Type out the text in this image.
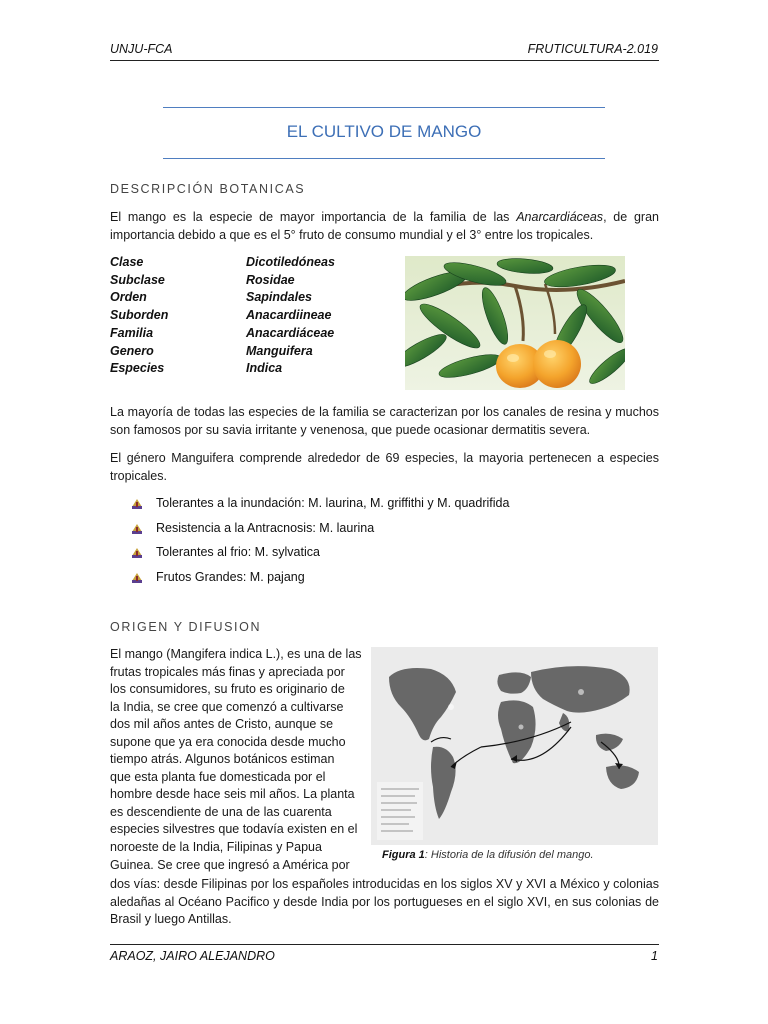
UNJU-FCA	FRUTICULTURA-2.019
EL CULTIVO DE MANGO
DESCRIPCIÓN BOTANICAS
El mango es la especie de mayor importancia de la familia de las Anarcardiáceas, de gran importancia debido a que es el 5° fruto de consumo mundial y el 3° entre los tropicales.
Clase
Subclase
Orden
Suborden
Familia
Genero
Especies
Dicotiledóneas
Rosidae
Sapindales
Anacardiineae
Anacardiáceae
Manguifera
Indica
La mayoría de todas las especies de la familia se caracterizan por los canales de resina y muchos son famosos por su savia irritante y venenosa, que puede ocasionar dermatitis severa.
El género Manguifera comprende alrededor de 69 especies, la mayoria pertenecen a especies tropicales.
Tolerantes a la inundación: M. laurina, M. griffithi y M. quadrifida
Resistencia a la Antracnosis: M. laurina
Tolerantes al frio: M. sylvatica
Frutos Grandes: M. pajang
ORIGEN Y DIFUSION
El mango (Mangifera indica L.), es una de las
frutas tropicales más finas y apreciada por
los consumidores, su fruto es originario de
la India, se cree que comenzó a cultivarse
dos mil años antes de Cristo, aunque se
supone que ya era conocida desde mucho
tiempo atrás. Algunos botánicos estiman
que esta planta fue domesticada por el
hombre desde hace seis mil años. La planta
es descendiente de una de las cuarenta
especies silvestres que todavía existen en el
noroeste de la India, Filipinas y Papua
Guinea. Se cree que ingresó a América por
Figura 1: Historia de la difusión del mango.
dos vías: desde Filipinas por los españoles introducidas en los siglos XV y XVI a México y colonias aledañas al Océano Pacifico y desde India por los portugueses en el siglo XVI, en sus colonias de Brasil y luego Antillas.
ARAOZ, JAIRO ALEJANDRO	1
